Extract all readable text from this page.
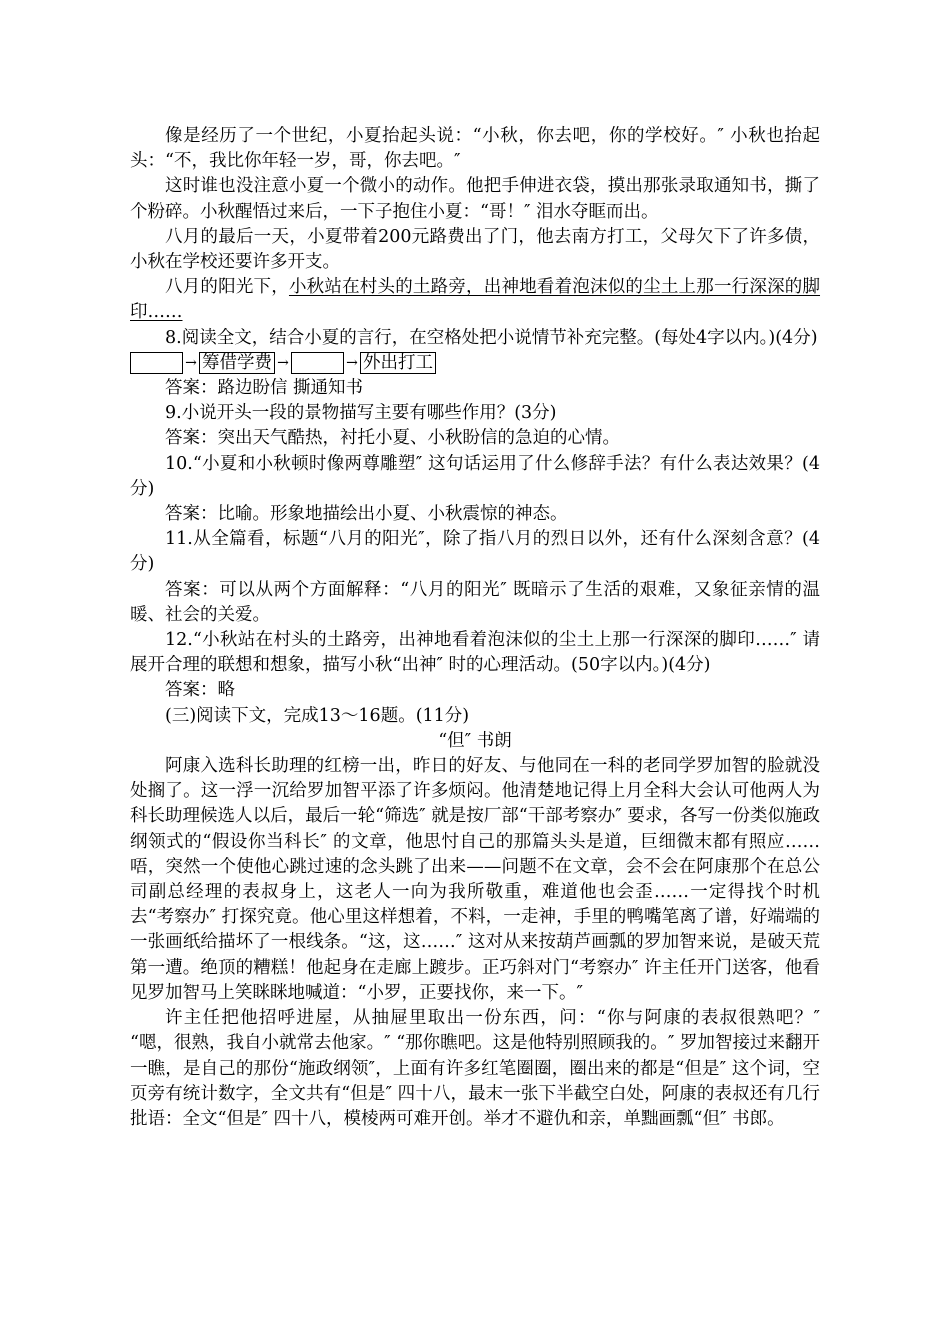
像是经历了一个世纪，小夏抬起头说：“小秋，你去吧，你的学校好。″ 小秋也抬起头：“不，我比你年轻一岁，哥，你去吧。″

这时谁也没注意小夏一个微小的动作。他把手伸进衣袋，摸出那张录取通知书，撕了个粉碎。小秋醒悟过来后，一下子抱住小夏：“哥！″ 泪水夺眶而出。

八月的最后一天，小夏带着200元路费出了门，他去南方打工，父母欠下了许多债，小秋在学校还要许多开支。

八月的阳光下，小秋站在村头的土路旁，出神地看着泡沫似的尘土上那一行深深的脚印……

8.阅读全文，结合小夏的言行，在空格处把小说情节补充完整。(每处4字以内。)(4分)

→ 筹借学费 →	→ 外出打工

答案：路边盼信 撕通知书

9.小说开头一段的景物描写主要有哪些作用？(3分)

答案：突出天气酷热，衬托小夏、小秋盼信的急迫的心情。

10.“小夏和小秋顿时像两尊雕塑″ 这句话运用了什么修辞手法？有什么表达效果？(4分)

答案：比喻。形象地描绘出小夏、小秋震惊的神态。

11.从全篇看，标题“八月的阳光″，除了指八月的烈日以外，还有什么深刻含意？(4分)

答案：可以从两个方面解释：“八月的阳光″ 既暗示了生活的艰难，又象征亲情的温暖、社会的关爱。

12.“小秋站在村头的土路旁，出神地看着泡沫似的尘土上那一行深深的脚印……″ 请展开合理的联想和想象，描写小秋“出神″ 时的心理活动。(50字以内。)(4分)

答案：略

(三)阅读下文，完成13～16题。(11分)

“但″ 书朗

阿康入选科长助理的红榜一出，昨日的好友、与他同在一科的老同学罗加智的脸就没处搁了。这一浮一沉给罗加智平添了许多烦闷。他清楚地记得上月全科大会认可他两人为科长助理候选人以后，最后一轮“筛选″ 就是按厂部“干部考察办″ 要求，各写一份类似施政纲领式的“假设你当科长″ 的文章，他思忖自己的那篇头头是道，巨细微末都有照应……唔，突然一个使他心跳过速的念头跳了出来——问题不在文章，会不会在阿康那个在总公司副总经理的表叔身上，这老人一向为我所敬重，难道他也会歪……一定得找个时机去“考察办″ 打探究竟。他心里这样想着，不料，一走神，手里的鸭嘴笔离了谱，好端端的一张画纸给描坏了一根线条。“这，这……″ 这对从来按葫芦画瓢的罗加智来说，是破天荒第一遭。绝顶的糟糕！他起身在走廊上踱步。正巧斜对门“考察办″ 许主任开门送客，他看见罗加智马上笑眯眯地喊道：“小罗，正要找你，来一下。″

许主任把他招呼进屋，从抽屉里取出一份东西，问：“你与阿康的表叔很熟吧？″ “嗯，很熟，我自小就常去他家。″ “那你瞧吧。这是他特别照顾我的。″ 罗加智接过来翻开一瞧，是自己的那份“施政纲领″，上面有许多红笔圈圈，圈出来的都是“但是″ 这个词，空页旁有统计数字，全文共有“但是″ 四十八，最末一张下半截空白处，阿康的表叔还有几行批语：全文“但是″ 四十八，模棱两可难开创。举才不避仇和亲，单黜画瓢“但″ 书郎。
